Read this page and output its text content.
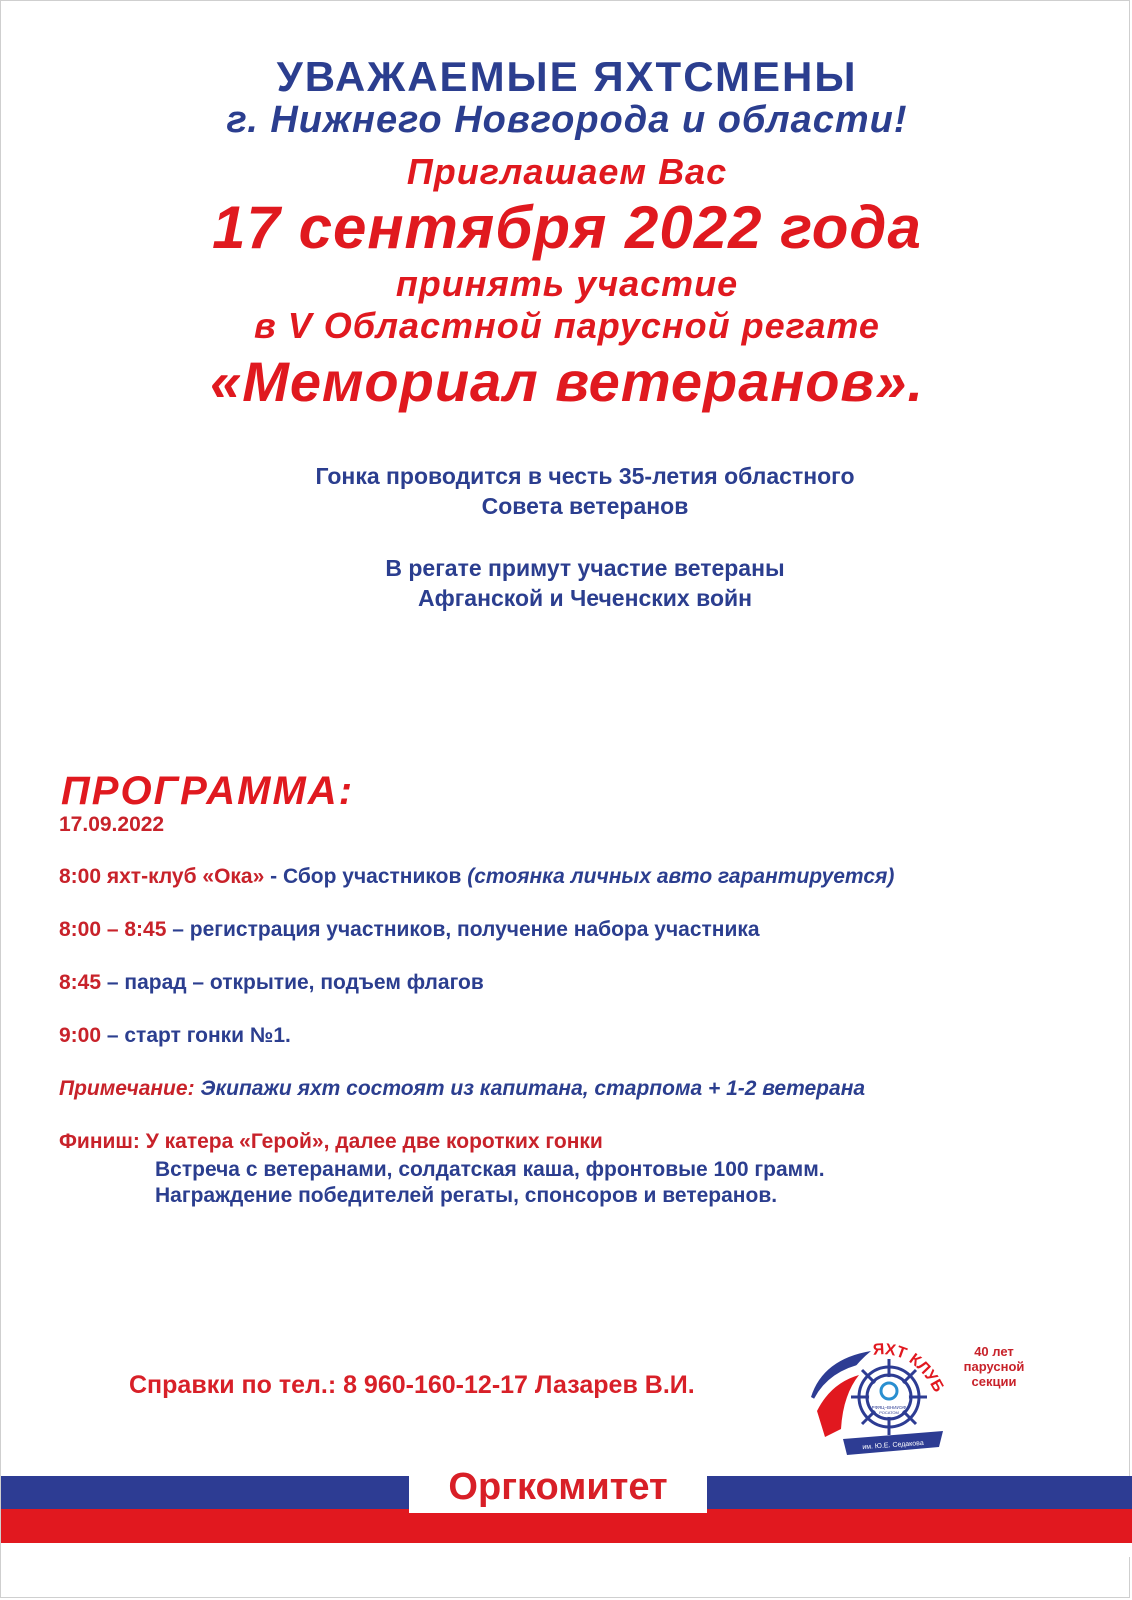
УВАЖАЕМЫЕ ЯХТСМЕНЫ
г. Нижнего Новгорода и области!
Приглашаем Вас
17 сентября 2022 года
принять участие
в V Областной парусной регате
«Мемориал ветеранов».
Гонка проводится в честь 35-летия областного
Совета ветеранов
В регате примут участие ветераны
Афганской и Чеченских войн
ПРОГРАММА:
17.09.2022
8:00 яхт-клуб «Ока» - Сбор участников (стоянка личных авто гарантируется)
8:00 – 8:45 – регистрация участников, получение набора участника
8:45 – парад – открытие, подъем флагов
9:00 – старт гонки №1.
Примечание: Экипажи яхт состоят из капитана, старпома + 1-2 ветерана
Финиш: У катера «Герой», далее две коротких гонки
Встреча с ветеранами, солдатская каша, фронтовые 100 грамм.
Награждение победителей регаты, спонсоров и ветеранов.
Справки по тел.: 8 960-160-12-17 Лазарев В.И.
РФЯЦ–ВНИИЭФ
РОСАТОМ
ЯХТ КЛУБ
им. Ю.Е. Седакова
40 лет
парусной
секции
Оргкомитет
